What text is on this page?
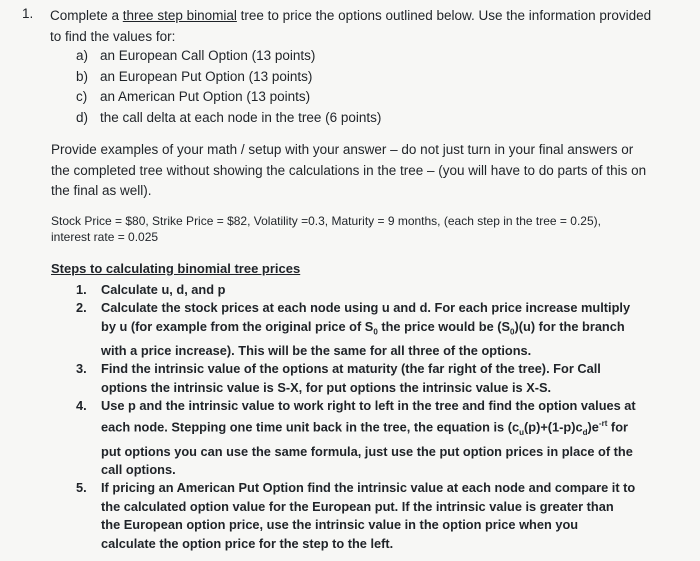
1. Complete a three step binomial tree to price the options outlined below. Use the information provided to find the values for:
a) an European Call Option (13 points)
b) an European Put Option (13 points)
c) an American Put Option (13 points)
d) the call delta at each node in the tree (6 points)
Provide examples of your math / setup with your answer – do not just turn in your final answers or the completed tree without showing the calculations in the tree – (you will have to do parts of this on the final as well).
Stock Price = $80, Strike Price = $82, Volatility =0.3, Maturity = 9 months, (each step in the tree = 0.25),
interest rate = 0.025
Steps to calculating binomial tree prices
1.	Calculate u, d, and p
2.	Calculate the stock prices at each node using u and d. For each price increase multiply by u (for example from the original price of $S_0$ the price would be $(S_0)(u)$ for the branch with a price increase). This will be the same for all three of the options.
3.	Find the intrinsic value of the options at maturity (the far right of the tree). For Call options the intrinsic value is S-X, for put options the intrinsic value is X-S.
4.	Use p and the intrinsic value to work right to left in the tree and find the option values at each node. Stepping one time unit back in the tree, the equation is $(c_u(p)+(1-p)c_d)e^{-rt}$ for put options you can use the same formula, just use the put option prices in place of the call options.
5.	If pricing an American Put Option find the intrinsic value at each node and compare it to the calculated option value for the European put. If the intrinsic value is greater than the European option price, use the intrinsic value in the option price when you calculate the option price for the step to the left.
